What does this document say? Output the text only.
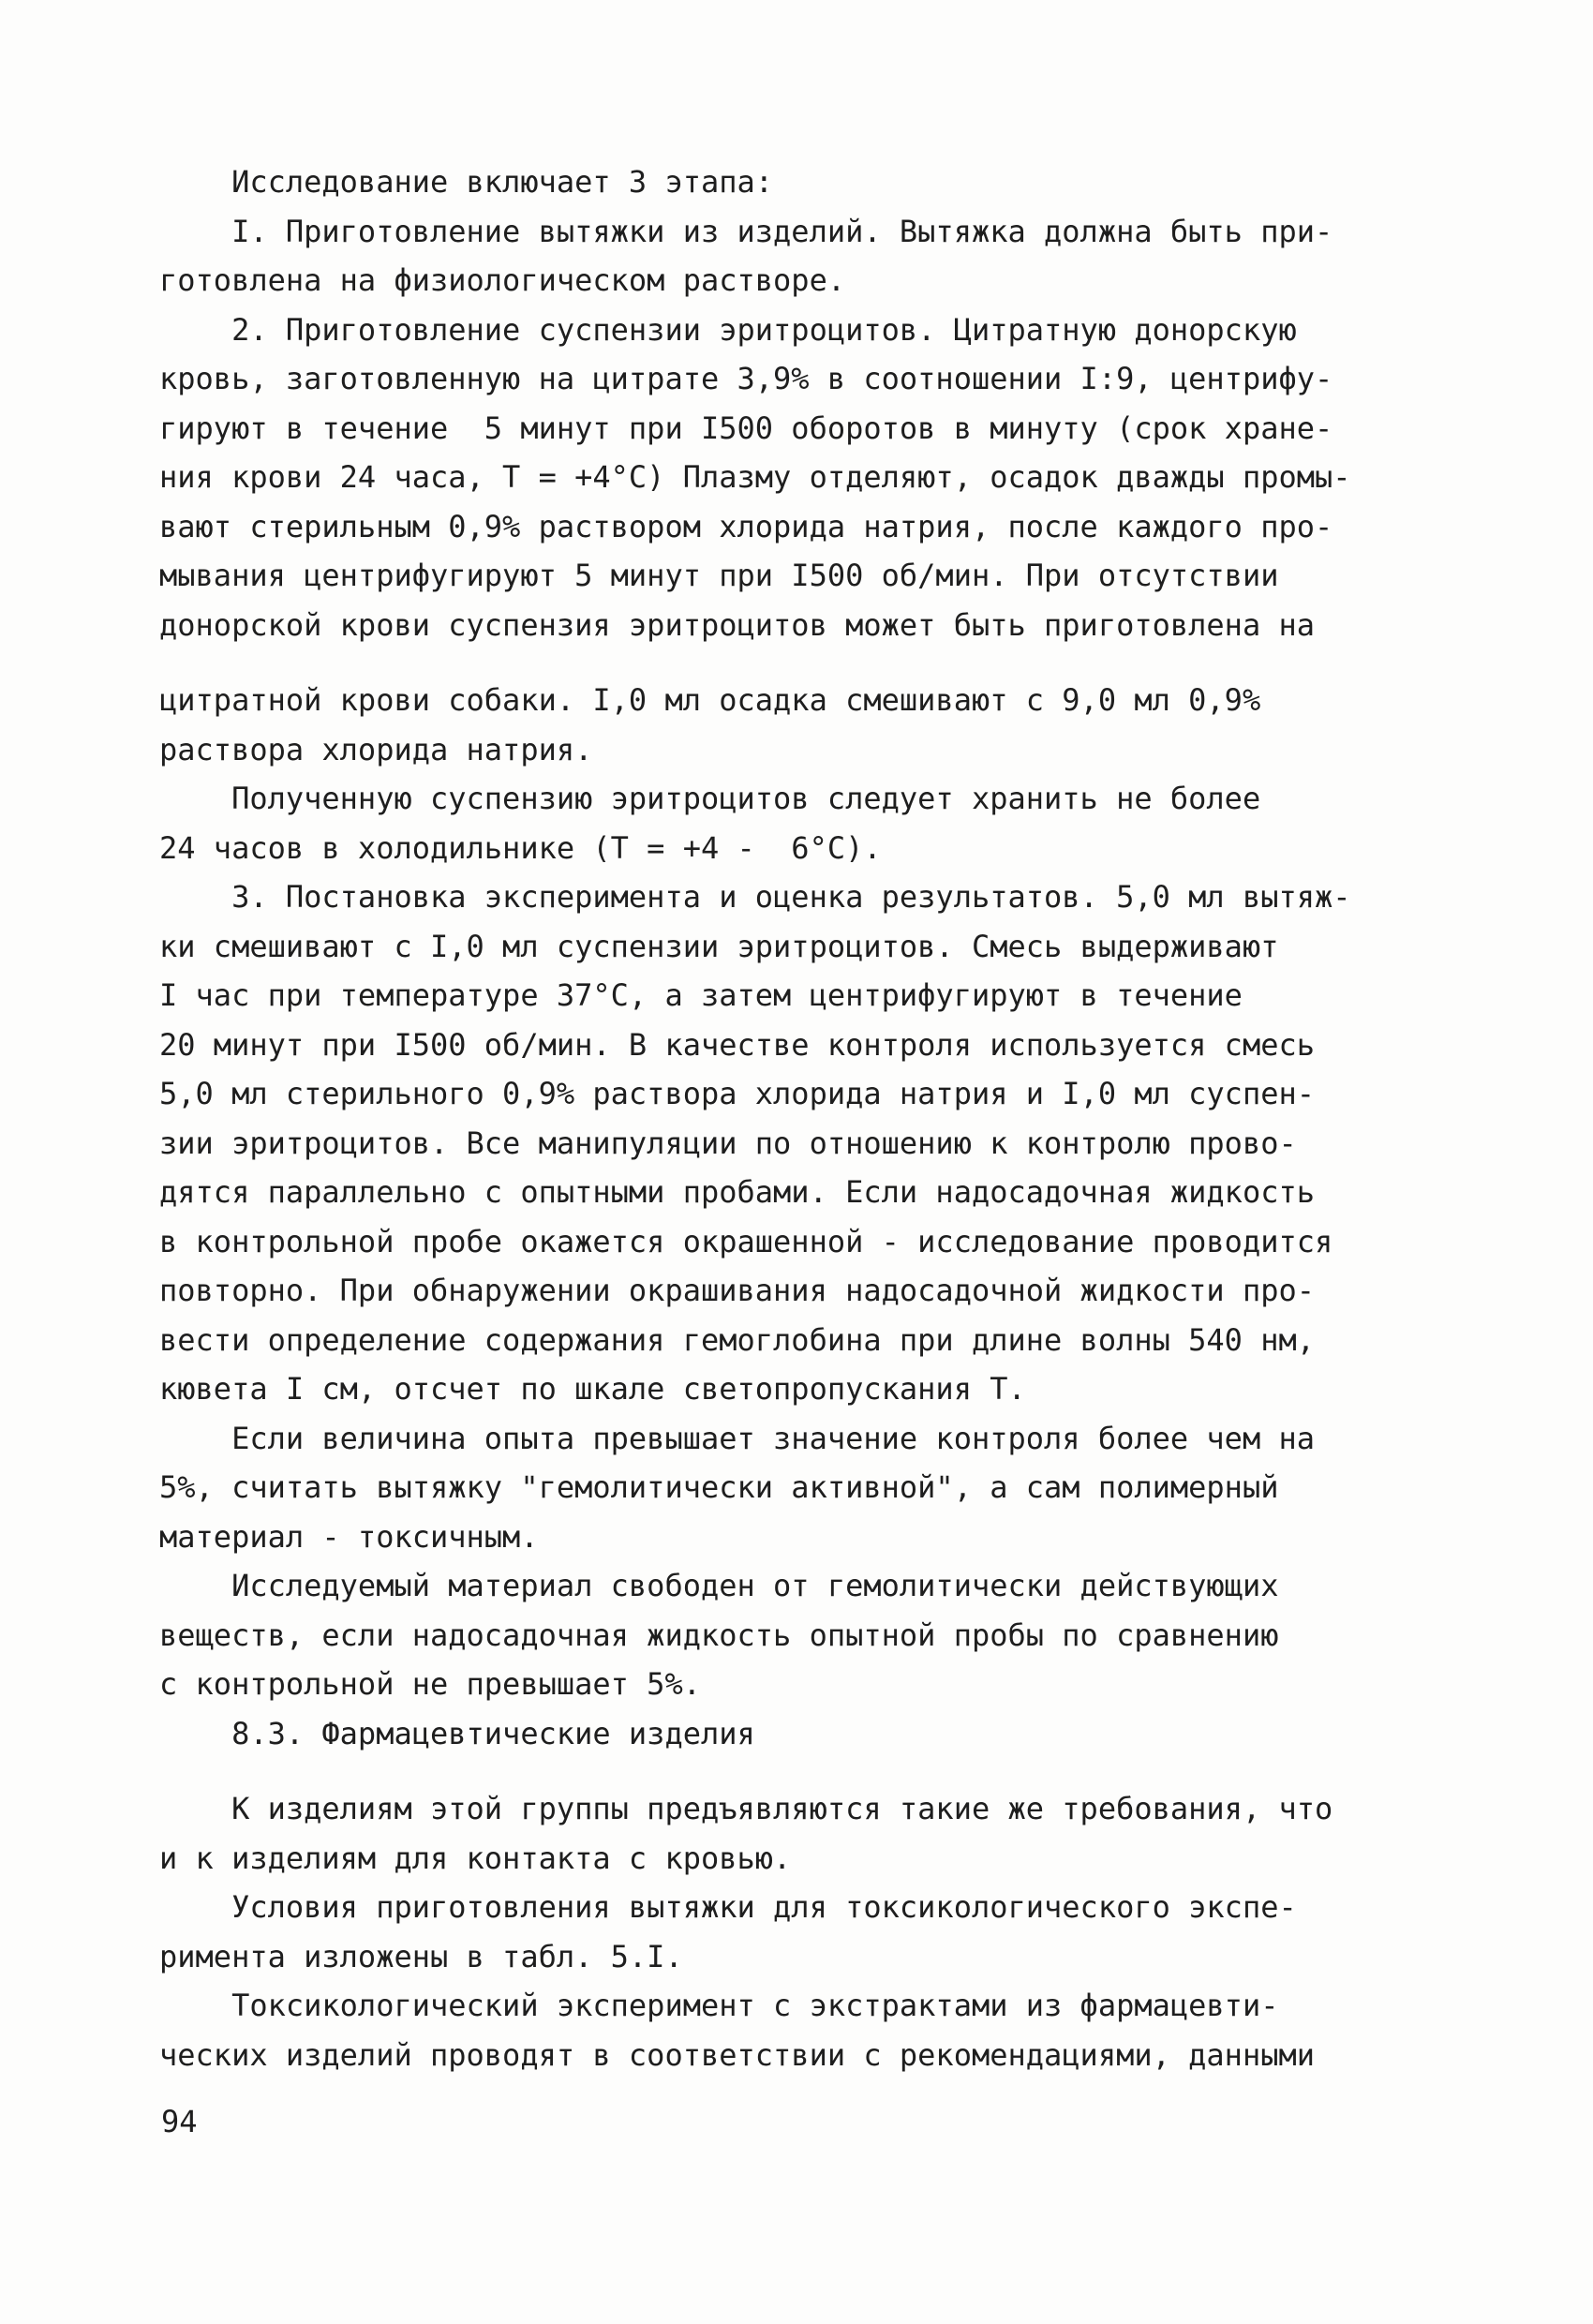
Исследование включает 3 этапа:
I. Приготовление вытяжки из изделий. Вытяжка должна быть при-
готовлена на физиологическом растворе.
2. Приготовление суспензии эритроцитов. Цитратную донорскую
кровь, заготовленную на цитрате 3,9% в соотношении I:9, центрифу-
гируют в течение  5 минут при I500 оборотов в минуту (срок хране-
ния крови 24 часа, Т = +4°С) Плазму отделяют, осадок дважды промы-
вают стерильным 0,9% раствором хлорида натрия, после каждого про-
мывания центрифугируют 5 минут при I500 об/мин. При отсутствии
донорской крови суспензия эритроцитов может быть приготовлена на
цитратной крови собаки. I,0 мл осадка смешивают с 9,0 мл 0,9%
раствора хлорида натрия.
Полученную суспензию эритроцитов следует хранить не более
24 часов в холодильнике (Т = +4 -  6°С).
3. Постановка эксперимента и оценка результатов. 5,0 мл вытяж-
ки смешивают с I,0 мл суспензии эритроцитов. Смесь выдерживают
I час при температуре 37°С, а затем центрифугируют в течение
20 минут при I500 об/мин. В качестве контроля используется смесь
5,0 мл стерильного 0,9% раствора хлорида натрия и I,0 мл суспен-
зии эритроцитов. Все манипуляции по отношению к контролю прово-
дятся параллельно с опытными пробами. Если надосадочная жидкость
в контрольной пробе окажется окрашенной - исследование проводится
повторно. При обнаружении окрашивания надосадочной жидкости про-
вести определение содержания гемоглобина при длине волны 540 нм,
кювета I см, отсчет по шкале светопропускания Т.
Если величина опыта превышает значение контроля более чем на
5%, считать вытяжку "гемолитически активной", а сам полимерный
материал - токсичным.
Исследуемый материал свободен от гемолитически действующих
веществ, если надосадочная жидкость опытной пробы по сравнению
с контрольной не превышает 5%.
8.3. Фармацевтические изделия
К изделиям этой группы предъявляются такие же требования, что
и к изделиям для контакта с кровью.
Условия приготовления вытяжки для токсикологического экспе-
римента изложены в табл. 5.I.
Токсикологический эксперимент с экстрактами из фармацевти-
ческих изделий проводят в соответствии с рекомендациями, данными
94
